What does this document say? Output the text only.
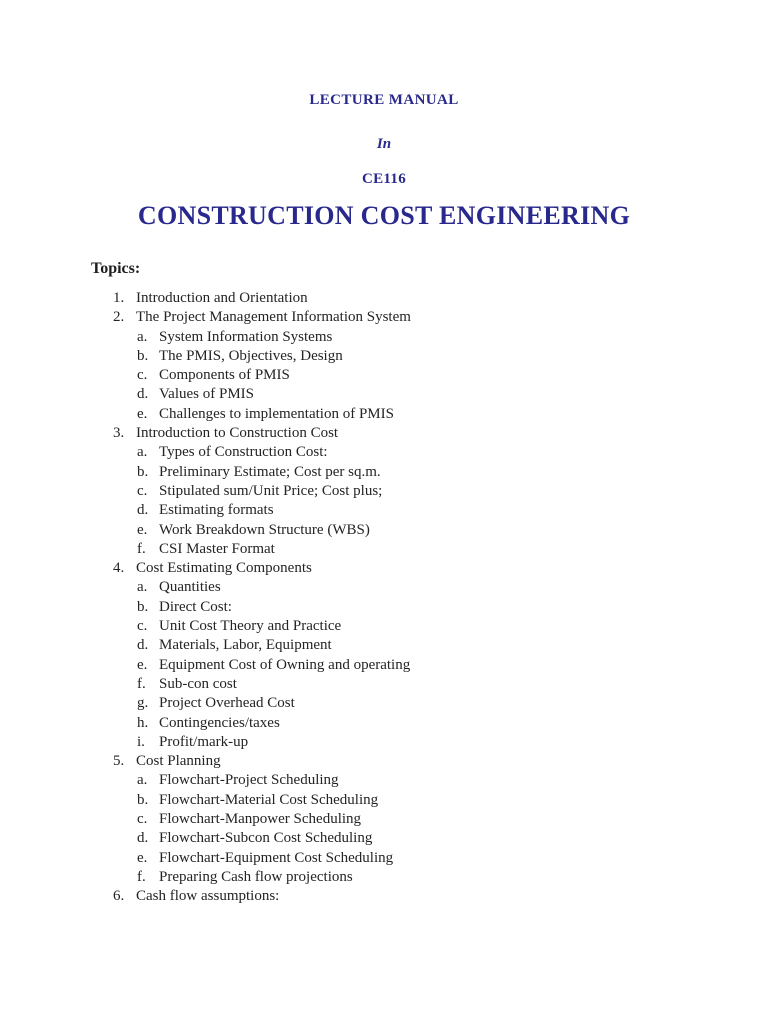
LECTURE MANUAL
In
CE116
CONSTRUCTION COST ENGINEERING
Topics:
1. Introduction and Orientation
2. The Project Management Information System
a. System Information Systems
b. The PMIS, Objectives, Design
c. Components of PMIS
d. Values of PMIS
e. Challenges to implementation of PMIS
3. Introduction to Construction Cost
a. Types of Construction Cost:
b. Preliminary Estimate; Cost per sq.m.
c. Stipulated sum/Unit Price; Cost plus;
d. Estimating formats
e. Work Breakdown Structure (WBS)
f. CSI Master Format
4. Cost Estimating Components
a. Quantities
b. Direct Cost:
c. Unit Cost Theory and Practice
d. Materials, Labor, Equipment
e. Equipment Cost of Owning and operating
f. Sub-con cost
g. Project Overhead Cost
h. Contingencies/taxes
i. Profit/mark-up
5. Cost Planning
a. Flowchart-Project Scheduling
b. Flowchart-Material Cost Scheduling
c. Flowchart-Manpower Scheduling
d. Flowchart-Subcon Cost Scheduling
e. Flowchart-Equipment Cost Scheduling
f. Preparing Cash flow projections
6. Cash flow assumptions:
